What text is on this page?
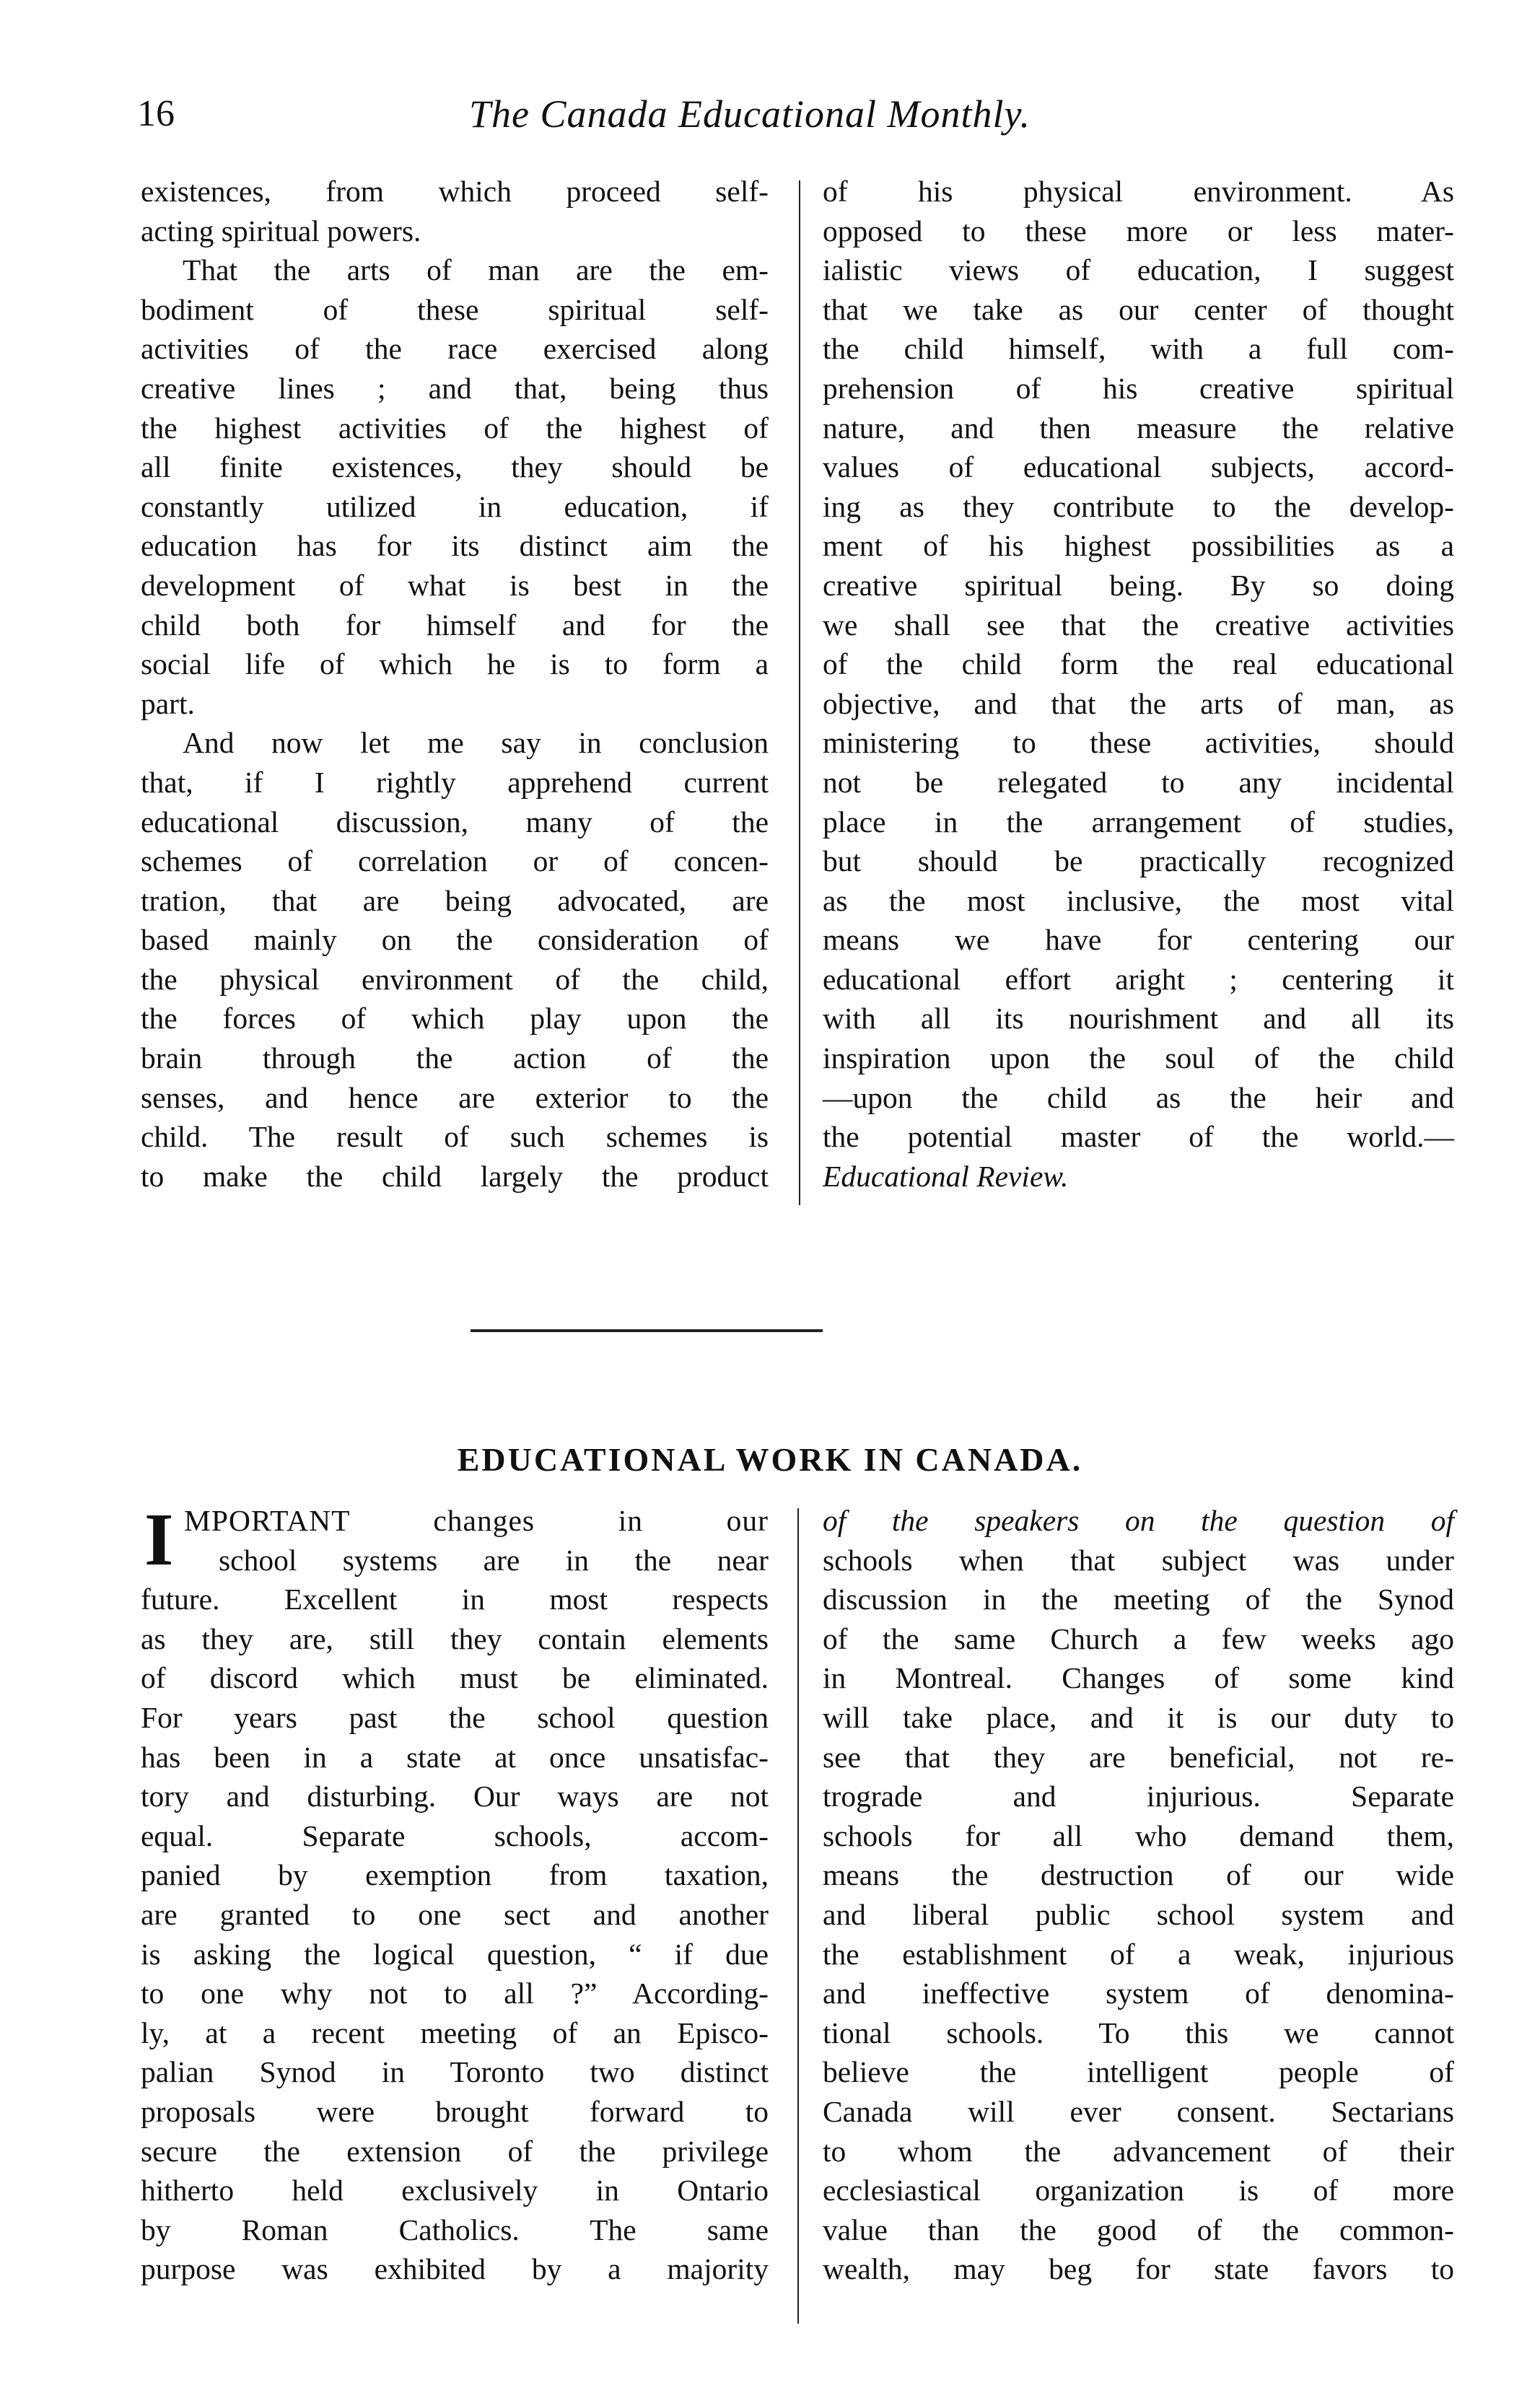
16	The Canada Educational Monthly.
existences, from which proceed self-
acting spiritual powers.
That the arts of man are the em-
bodiment of these spiritual self-
activities of the race exercised along
creative lines ; and that, being thus
the highest activities of the highest of
all finite existences, they should be
constantly utilized in education, if
education has for its distinct aim the
development of what is best in the
child both for himself and for the
social life of which he is to form a
part.
And now let me say in conclusion
that, if I rightly apprehend current
educational discussion, many of the
schemes of correlation or of concen-
tration, that are being advocated, are
based mainly on the consideration of
the physical environment of the child,
the forces of which play upon the
brain through the action of the
senses, and hence are exterior to the
child. The result of such schemes is
to make the child largely the product
of his physical environment. As
opposed to these more or less mater-
ialistic views of education, I suggest
that we take as our center of thought
the child himself, with a full com-
prehension of his creative spiritual
nature, and then measure the relative
values of educational subjects, accord-
ing as they contribute to the develop-
ment of his highest possibilities as a
creative spiritual being. By so doing
we shall see that the creative activities
of the child form the real educational
objective, and that the arts of man, as
ministering to these activities, should
not be relegated to any incidental
place in the arrangement of studies,
but should be practically recognized
as the most inclusive, the most vital
means we have for centering our
educational effort aright ; centering it
with all its nourishment and all its
inspiration upon the soul of the child
—upon the child as the heir and
the potential master of the world.—
Educational Review.
EDUCATIONAL WORK IN CANADA.
I MPORTANT changes in our
school systems are in the near
future. Excellent in most respects
as they are, still they contain elements
of discord which must be eliminated.
For years past the school question
has been in a state at once unsatisfac-
tory and disturbing. Our ways are not
equal. Separate schools, accom-
panied by exemption from taxation,
are granted to one sect and another
is asking the logical question, “ if due
to one why not to all ?” According-
ly, at a recent meeting of an Episco-
palian Synod in Toronto two distinct
proposals were brought forward to
secure the extension of the privilege
hitherto held exclusively in Ontario
by Roman Catholics. The same
purpose was exhibited by a majority
of the speakers on the question of
schools when that subject was under
discussion in the meeting of the Synod
of the same Church a few weeks ago
in Montreal. Changes of some kind
will take place, and it is our duty to
see that they are beneficial, not re-
trograde and injurious. Separate
schools for all who demand them,
means the destruction of our wide
and liberal public school system and
the establishment of a weak, injurious
and ineffective system of denomina-
tional schools. To this we cannot
believe the intelligent people of
Canada will ever consent. Sectarians
to whom the advancement of their
ecclesiastical organization is of more
value than the good of the common-
wealth, may beg for state favors to
